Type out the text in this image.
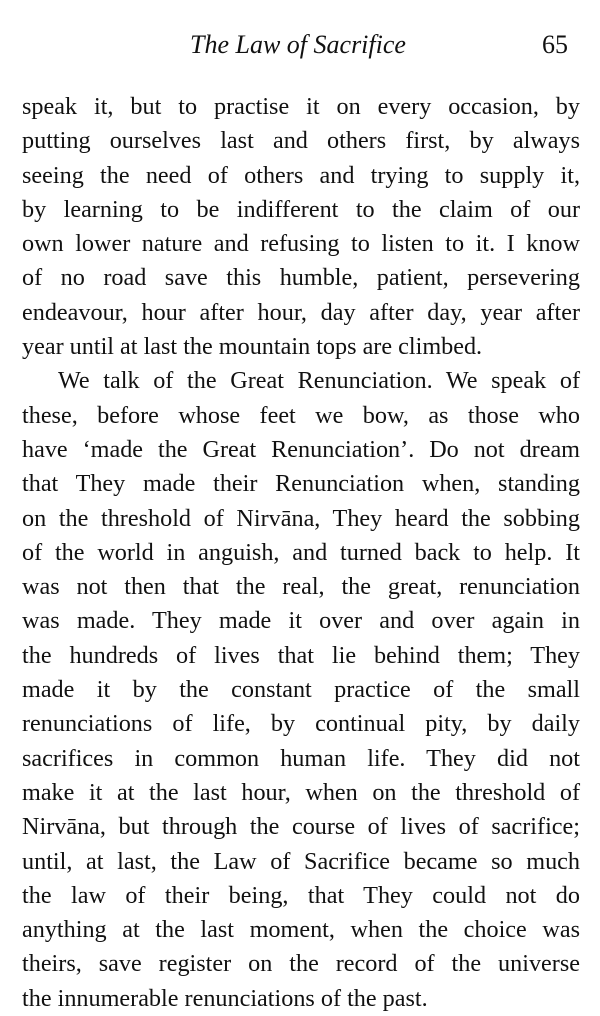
The Law of Sacrifice	65
speak it, but to practise it on every occasion, by
putting ourselves last and others first, by always
seeing the need of others and trying to supply it,
by learning to be indifferent to the claim of our
own lower nature and refusing to listen to it. I know
of no road save this humble, patient, persevering
endeavour, hour after hour, day after day, year after
year until at last the mountain tops are climbed.
We talk of the Great Renunciation. We speak of
these, before whose feet we bow, as those who
have ‘made the Great Renunciation’. Do not dream
that They made their Renunciation when, standing
on the threshold of Nirvāna, They heard the sobbing
of the world in anguish, and turned back to help. It
was not then that the real, the great, renunciation
was made. They made it over and over again in
the hundreds of lives that lie behind them; They
made it by the constant practice of the small
renunciations of life, by continual pity, by daily
sacrifices in common human life. They did not
make it at the last hour, when on the threshold of
Nirvāna, but through the course of lives of sacrifice;
until, at last, the Law of Sacrifice became so much
the law of their being, that They could not do
anything at the last moment, when the choice was
theirs, save register on the record of the universe
the innumerable renunciations of the past.
